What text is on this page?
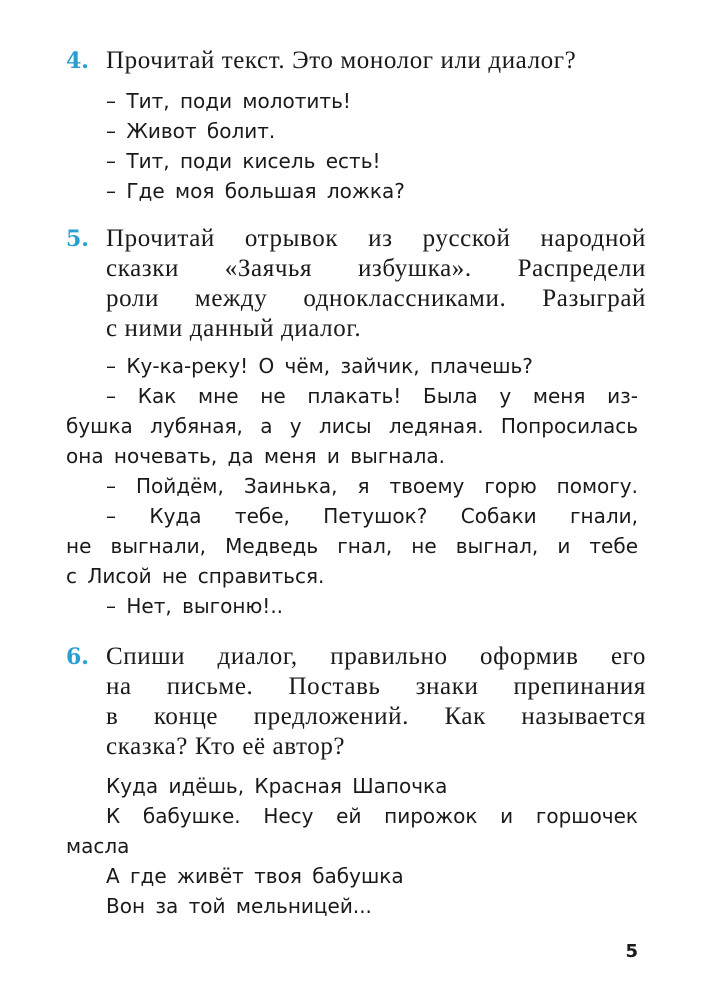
4. Прочитай текст. Это монолог или диалог?
– Тит, поди молотить!
– Живот болит.
– Тит, поди кисель есть!
– Где моя большая ложка?
5. Прочитай отрывок из русской народной
сказки «Заячья избушка». Распредели
роли между одноклассниками. Разыграй
с ними данный диалог.
– Ку-ка-реку! О чём, зайчик, плачешь?
– Как мне не плакать! Была у меня из-
бушка лубяная, а у лисы ледяная. Попросилась
она ночевать, да меня и выгнала.
– Пойдём, Заинька, я твоему горю помогу.
– Куда тебе, Петушок? Собаки гнали,
не выгнали, Медведь гнал, не выгнал, и тебе
с Лисой не справиться.
– Нет, выгоню!..
6. Спиши диалог, правильно оформив его
на письме. Поставь знаки препинания
в конце предложений. Как называется
сказка? Кто её автор?
Куда идёшь, Красная Шапочка
К бабушке. Несу ей пирожок и горшочек
масла
А где живёт твоя бабушка
Вон за той мельницей...
5
